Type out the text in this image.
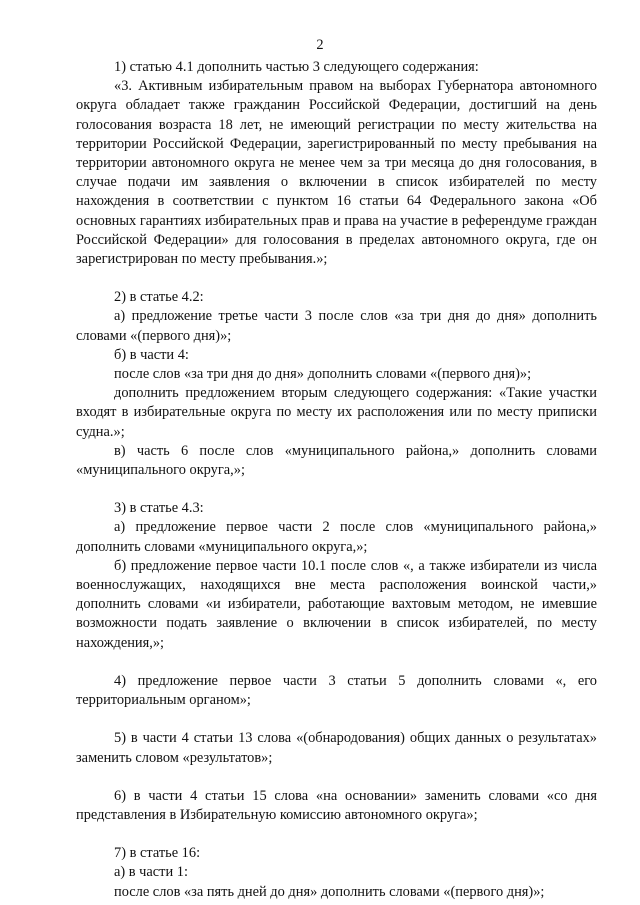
2

1) статью 4.1 дополнить частью 3 следующего содержания:

«3. Активным избирательным правом на выборах Губернатора автономного округа обладает также гражданин Российской Федерации, достигший на день голосования возраста 18 лет, не имеющий регистрации по месту жительства на территории Российской Федерации, зарегистрированный по месту пребывания на территории автономного округа не менее чем за три месяца до дня голосования, в случае подачи им заявления о включении в список избирателей по месту нахождения в соответствии с пунктом 16 статьи 64 Федерального закона «Об основных гарантиях избирательных прав и права на участие в референдуме граждан Российской Федерации» для голосования в пределах автономного округа, где он зарегистрирован по месту пребывания.»;

2) в статье 4.2:

а) предложение третье части 3 после слов «за три дня до дня» дополнить словами «(первого дня)»;

б) в части 4:

после слов «за три дня до дня» дополнить словами «(первого дня)»;

дополнить предложением вторым следующего содержания: «Такие участки входят в избирательные округа по месту их расположения или по месту приписки судна.»;

в) часть 6 после слов «муниципального района,» дополнить словами «муниципального округа,»;

3) в статье 4.3:

а) предложение первое части 2 после слов «муниципального района,» дополнить словами «муниципального округа,»;

б) предложение первое части 10.1 после слов «, а также избиратели из числа военнослужащих, находящихся вне места расположения воинской части,» дополнить словами «и избиратели, работающие вахтовым методом, не имевшие возможности подать заявление о включении в список избирателей, по месту нахождения,»;

4) предложение первое части 3 статьи 5 дополнить словами «, его территориальным органом»;

5) в части 4 статьи 13 слова «(обнародования) общих данных о результатах» заменить словом «результатов»;

6) в части 4 статьи 15 слова «на основании» заменить словами «со дня представления в Избирательную комиссию автономного округа»;

7) в статье 16:

а) в части 1:

после слов «за пять дней до дня» дополнить словами «(первого дня)»;
